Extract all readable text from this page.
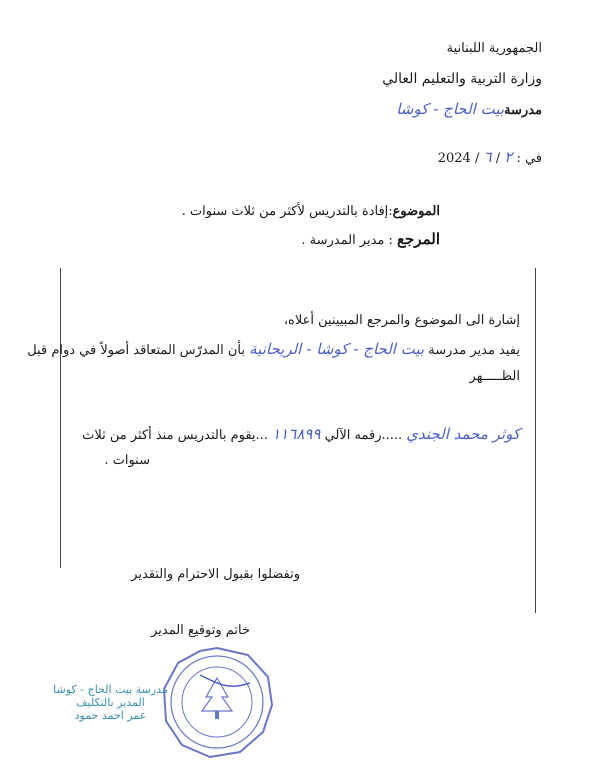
الجمهورية اللبنانية
وزارة التربية والتعليم العالي
مدرسةبيت الحاج - كوشا
في : ٢ / ٦ / 2024
الموضوع:إفادة بالتدريس لأكثر من ثلاث سنوات .
المرجع : مدير المدرسة .
إشارة الى الموضوع والمرجع المبيينين أعلاه،
يفيد مدير مدرسة بيت الحاج - كوشا - الريحانية بأن المدرّس المتعاقد أصولاً في دوام قبل
الظـــــهر
كوثر محمد الجندي .....رقمه الآلي ١١٦٨٩٩ ...يقوم بالتدريس منذ أكثر من ثلاث
سنوات .
وتفضلوا بقبول الاحترام والتقدير
خاتم وتوقيع المدير
مدرسة بيت الحاج - كوشا
المدير بالتكليف
عمر احمد حمود
